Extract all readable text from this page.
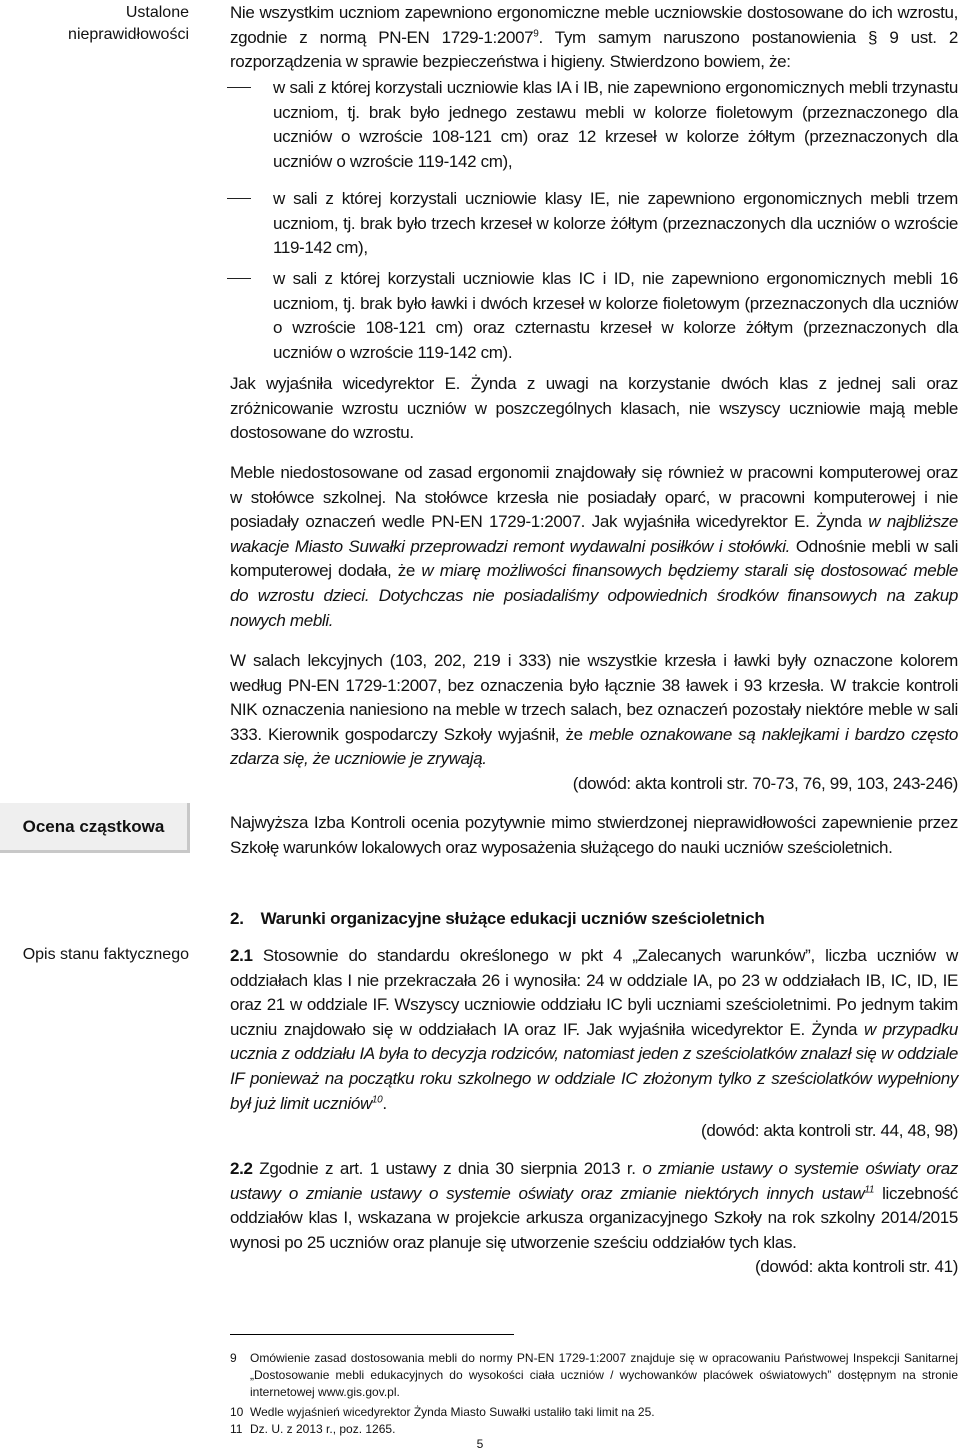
Ustalone nieprawidłowości
Ocena cząstkowa
Opis stanu faktycznego
Nie wszystkim uczniom zapewniono ergonomiczne meble uczniowskie dostosowane do ich wzrostu, zgodnie z normą PN-EN 1729-1:2007$^9$. Tym samym naruszono postanowienia § 9 ust. 2 rozporządzenia w sprawie bezpieczeństwa i higieny. Stwierdzono bowiem, że:
w sali z której korzystali uczniowie klas IA i IB, nie zapewniono ergonomicznych mebli trzynastu uczniom, tj. brak było jednego zestawu mebli w kolorze fioletowym (przeznaczonego dla uczniów o wzroście 108-121 cm) oraz 12 krzeseł w kolorze żółtym (przeznaczonych dla uczniów o wzroście 119-142 cm),
w sali z której korzystali uczniowie klasy IE, nie zapewniono ergonomicznych mebli trzem uczniom, tj. brak było trzech krzeseł w kolorze żółtym (przeznaczonych dla uczniów o wzroście 119-142 cm),
w sali z której korzystali uczniowie klas IC i ID, nie zapewniono ergonomicznych mebli 16 uczniom, tj. brak było ławki i dwóch krzeseł w kolorze fioletowym (przeznaczonych dla uczniów o wzroście 108-121 cm) oraz czternastu krzeseł w kolorze żółtym (przeznaczonych dla uczniów o wzroście 119-142 cm).
Jak wyjaśniła wicedyrektor E. Żynda z uwagi na korzystanie dwóch klas z jednej sali oraz zróżnicowanie wzrostu uczniów w poszczególnych klasach, nie wszyscy uczniowie mają meble dostosowane do wzrostu.
Meble niedostosowane od zasad ergonomii znajdowały się również w pracowni komputerowej oraz w stołówce szkolnej. Na stołówce krzesła nie posiadały oparć, w pracowni komputerowej i nie posiadały oznaczeń wedle PN-EN 1729-1:2007. Jak wyjaśniła wicedyrektor E. Żynda w najbliższe wakacje Miasto Suwałki przeprowadzi remont wydawalni posiłków i stołówki. Odnośnie mebli w sali komputerowej dodała, że w miarę możliwości finansowych będziemy starali się dostosować meble do wzrostu dzieci. Dotychczas nie posiadaliśmy odpowiednich środków finansowych na zakup nowych mebli.
W salach lekcyjnych (103, 202, 219 i 333) nie wszystkie krzesła i ławki były oznaczone kolorem według PN-EN 1729-1:2007, bez oznaczenia było łącznie 38 ławek i 93 krzesła. W trakcie kontroli NIK oznaczenia naniesiono na meble w trzech salach, bez oznaczeń pozostały niektóre meble w sali 333. Kierownik gospodarczy Szkoły wyjaśnił, że meble oznakowane są naklejkami i bardzo często zdarza się, że uczniowie je zrywają.
(dowód: akta kontroli str. 70-73, 76, 99, 103, 243-246)
Najwyższa Izba Kontroli ocenia pozytywnie mimo stwierdzonej nieprawidłowości zapewnienie przez Szkołę warunków lokalowych oraz wyposażenia służącego do nauki uczniów sześcioletnich.
2. Warunki organizacyjne służące edukacji uczniów sześcioletnich
2.1 Stosownie do standardu określonego w pkt 4 „Zalecanych warunków”, liczba uczniów w oddziałach klas I nie przekraczała 26 i wynosiła: 24 w oddziale IA, po 23 w oddziałach IB, IC, ID, IE oraz 21 w oddziale IF. Wszyscy uczniowie oddziału IC byli uczniami sześcioletnimi. Po jednym takim uczniu znajdowało się w oddziałach IA oraz IF. Jak wyjaśniła wicedyrektor E. Żynda w przypadku ucznia z oddziału IA była to decyzja rodziców, natomiast jeden z sześciolatków znalazł się w oddziale IF ponieważ na początku roku szkolnego w oddziale IC złożonym tylko z sześciolatków wypełniony był już limit uczniów$^{10}$.
(dowód: akta kontroli str. 44, 48, 98)
2.2 Zgodnie z art. 1 ustawy z dnia 30 sierpnia 2013 r. o zmianie ustawy o systemie oświaty oraz ustawy o zmianie ustawy o systemie oświaty oraz zmianie niektórych innych ustaw$^{11}$ liczebność oddziałów klas I, wskazana w projekcie arkusza organizacyjnego Szkoły na rok szkolny 2014/2015 wynosi po 25 uczniów oraz planuje się utworzenie sześciu oddziałów tych klas.
(dowód: akta kontroli str. 41)
9	Omówienie zasad dostosowania mebli do normy PN-EN 1729-1:2007 znajduje się w opracowaniu Państwowej Inspekcji Sanitarnej „Dostosowanie mebli edukacyjnych do wysokości ciała uczniów / wychowanków placówek oświatowych” dostępnym na stronie internetowej www.gis.gov.pl.
10 Wedle wyjaśnień wicedyrektor Żynda Miasto Suwałki ustaliło taki limit na 25.
11 Dz. U. z 2013 r., poz. 1265.
5
